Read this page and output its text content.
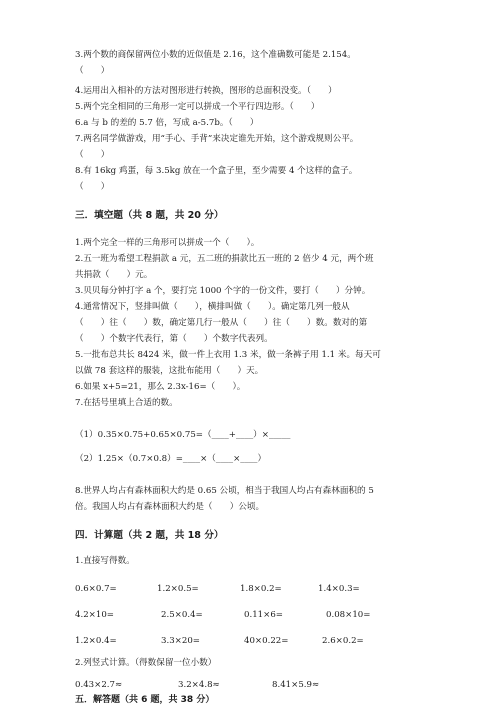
3.两个数的商保留两位小数的近似值是 2.16，这个准确数可能是 2.154。
（　　）
4.运用出入相补的方法对图形进行转换，图形的总面积没变。（　　）
5.两个完全相同的三角形一定可以拼成一个平行四边形。（　　）
6.a 与 b 的差的 5.7 倍，写成 a-5.7b。（　　）
7.两名同学做游戏，用“手心、手背”来决定谁先开始，这个游戏规则公平。
（　　）
8.有 16kg 鸡蛋，每 3.5kg 放在一个盒子里，至少需要 4 个这样的盒子。
（　　）
三．填空题（共 8 题，共 20 分）
1.两个完全一样的三角形可以拼成一个（　　）。
2.五一班为希望工程捐款 a 元，五二班的捐款比五一班的 2 倍少 4 元，两个班
共捐款（　　）元。
3.贝贝每分钟打字 a 个，要打完 1000 个字的一份文件，要打（　　）分钟。
4.通常情况下，竖排叫做（　　），横排叫做（　　）。确定第几列一般从
（　　）往（　　）数，确定第几行一般从（　　）往（　　）数。数对的第
（　　）个数字代表行，第（　　）个数字代表列。
5.一批布总共长 8424 米，做一件上衣用 1.3 米，做一条裤子用 1.1 米。每天可
以做 78 套这样的服装，这批布能用（　　）天。
6.如果 x+5=21，那么 2.3x-16=（　　）。
7.在括号里填上合适的数。
（1）0.35×0.75+0.65×0.75=（____+____）×_____
（2）1.25×（0.7×0.8）=____×（____×____）
8.世界人均占有森林面积大约是 0.65 公顷，相当于我国人均占有森林面积的 5
倍。我国人均占有森林面积大约是（　　）公顷。
四．计算题（共 2 题，共 18 分）
1.直接写得数。
0.6×0.7=	1.2×0.5=	1.8×0.2=	1.4×0.3=
4.2×10=	2.5×0.4=	0.11×6=	0.08×10=
1.2×0.4=	3.3×20=	40×0.22=	2.6×0.2=
2.列竖式计算。（得数保留一位小数）
0.43×2.7≈	3.2×4.8≈	8.41×5.9≈
五．解答题（共 6 题，共 38 分）
